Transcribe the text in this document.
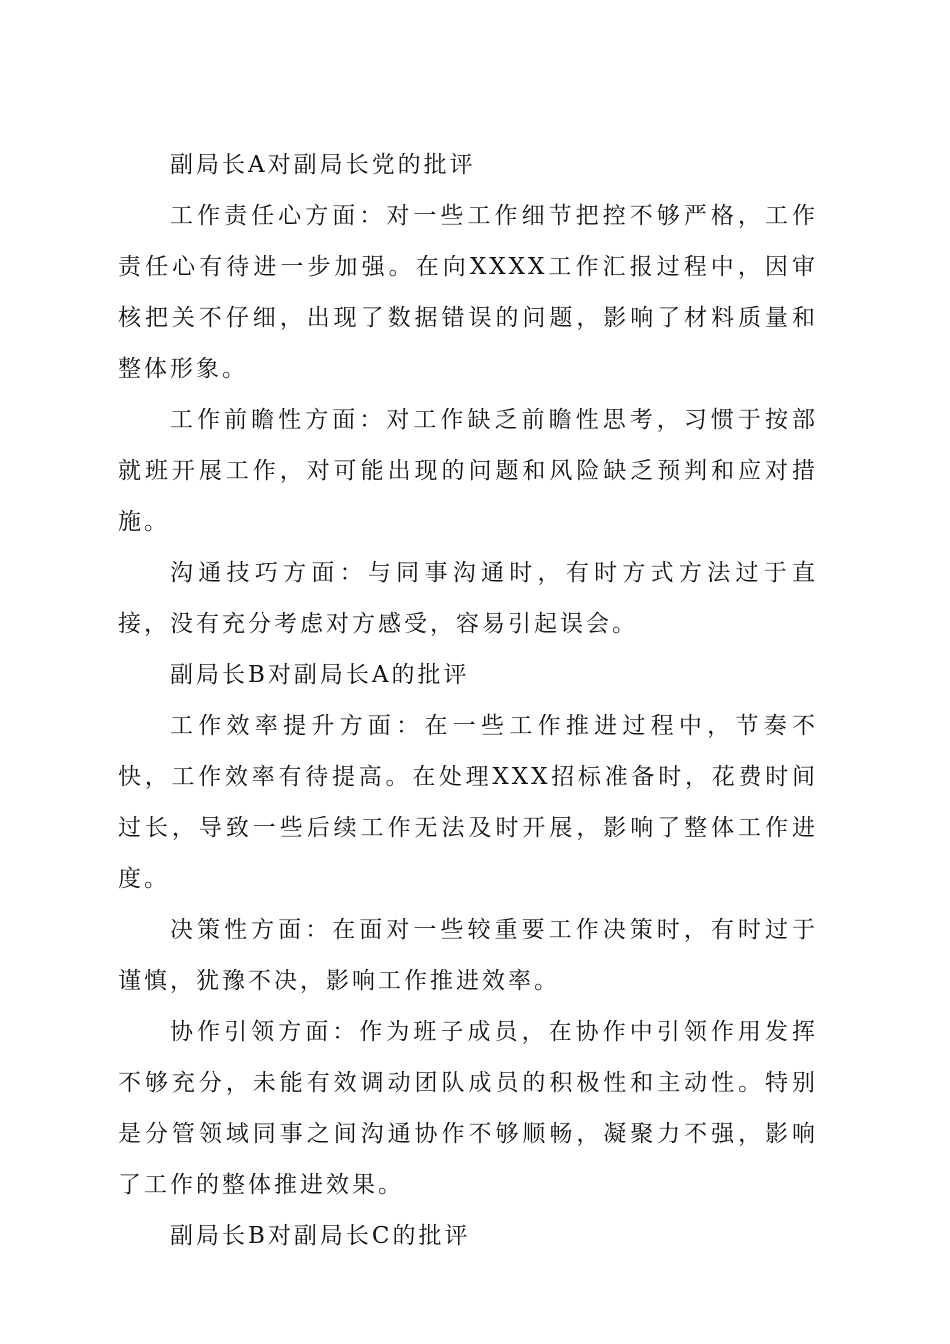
副局长A对副局长党的批评

工作责任心方面：对一些工作细节把控不够严格，工作责任心有待进一步加强。在向XXXX工作汇报过程中，因审核把关不仔细，出现了数据错误的问题，影响了材料质量和整体形象。

工作前瞻性方面：对工作缺乏前瞻性思考，习惯于按部就班开展工作，对可能出现的问题和风险缺乏预判和应对措施。

沟通技巧方面：与同事沟通时，有时方式方法过于直接，没有充分考虑对方感受，容易引起误会。

副局长B对副局长A的批评

工作效率提升方面：在一些工作推进过程中，节奏不快，工作效率有待提高。在处理XXX招标准备时，花费时间过长，导致一些后续工作无法及时开展，影响了整体工作进度。

决策性方面：在面对一些较重要工作决策时，有时过于谨慎，犹豫不决，影响工作推进效率。

协作引领方面：作为班子成员，在协作中引领作用发挥不够充分，未能有效调动团队成员的积极性和主动性。特别是分管领域同事之间沟通协作不够顺畅，凝聚力不强，影响了工作的整体推进效果。

副局长B对副局长C的批评
